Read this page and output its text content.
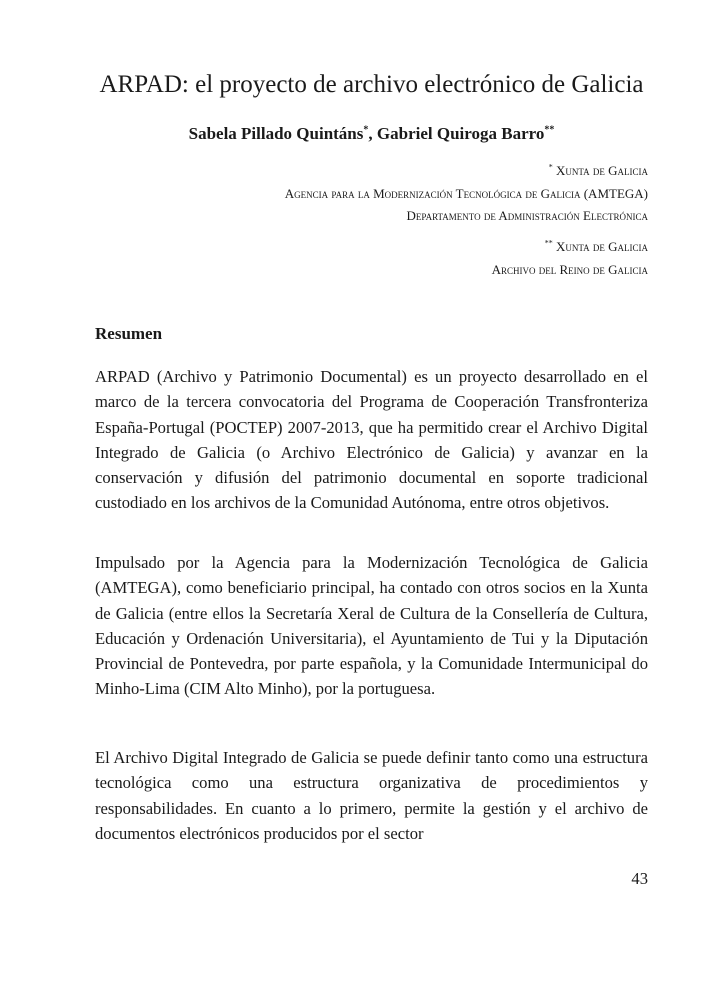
ARPAD: el proyecto de archivo electrónico de Galicia
Sabela Pillado Quintáns*, Gabriel Quiroga Barro**
* Xunta de Galicia
Agencia para la Modernización Tecnológica de Galicia (AMTEGA)
Departamento de Administración Electrónica
** Xunta de Galicia
Archivo del Reino de Galicia
Resumen

ARPAD (Archivo y Patrimonio Documental) es un proyecto desarrollado en el marco de la tercera convocatoria del Programa de Cooperación Transfronteriza España-Portugal (POCTEP) 2007-2013, que ha permitido crear el Archivo Digital Integrado de Galicia (o Archivo Electrónico de Galicia) y avanzar en la conservación y difusión del patrimonio documental en soporte tradicional custodiado en los archivos de la Comunidad Autónoma, entre otros objetivos.

Impulsado por la Agencia para la Modernización Tecnológica de Galicia (AMTEGA), como beneficiario principal, ha contado con otros socios en la Xunta de Galicia (entre ellos la Secretaría Xeral de Cultura de la Consellería de Cultura, Educación y Ordenación Universitaria), el Ayuntamiento de Tui y la Diputación Provincial de Pontevedra, por parte española, y la Comunidade Intermunicipal do Minho-Lima (CIM Alto Minho), por la portuguesa.

El Archivo Digital Integrado de Galicia se puede definir tanto como una estructura tecnológica como una estructura organizativa de procedimientos y responsabilidades. En cuanto a lo primero, permite la gestión y el archivo de documentos electrónicos producidos por el sector

43
